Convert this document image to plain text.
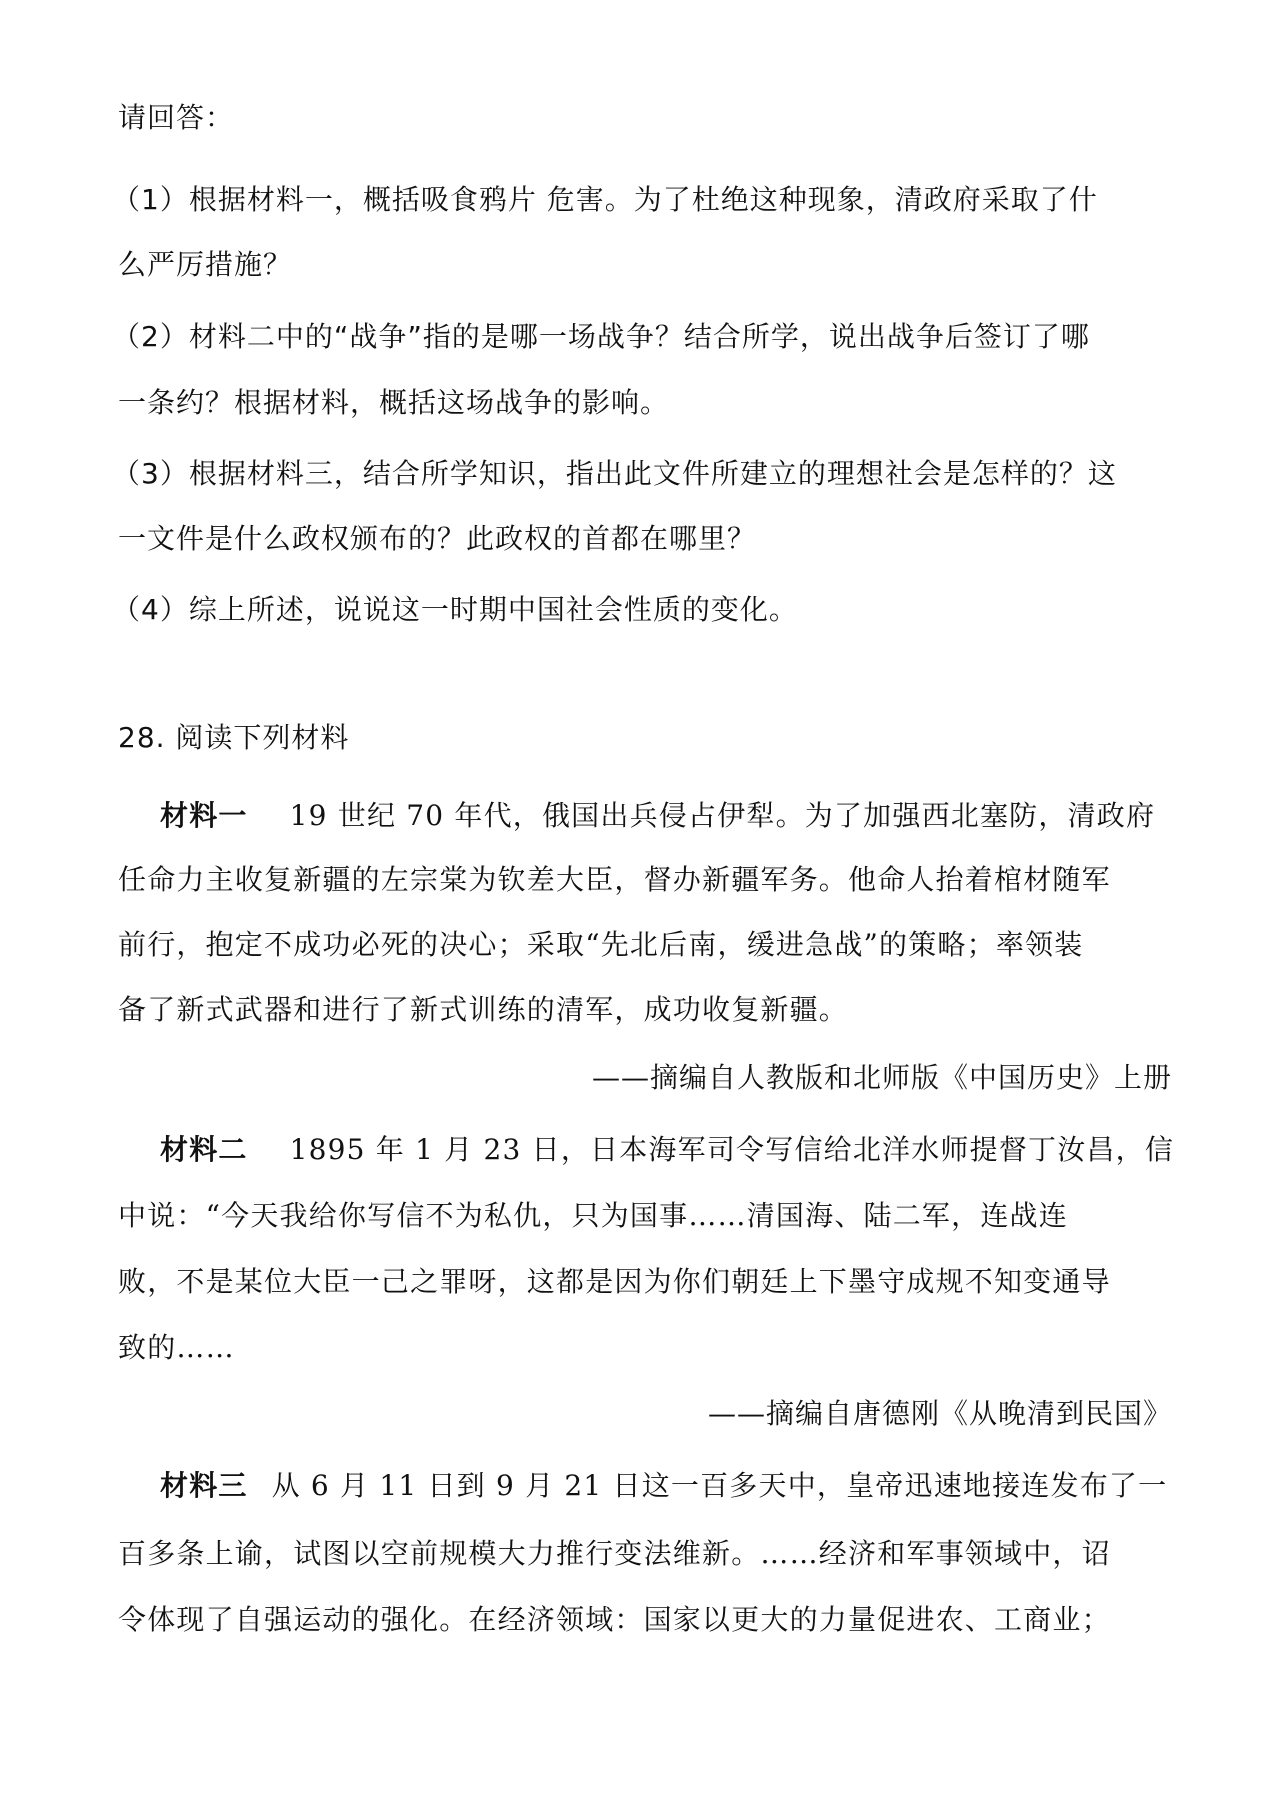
请回答：
（1）根据材料一，概括吸食鸦片 危害。为了杜绝这种现象，清政府采取了什
么严厉措施？
（2）材料二中的“战争”指的是哪一场战争？结合所学，说出战争后签订了哪
一条约？根据材料，概括这场战争的影响。
（3）根据材料三，结合所学知识，指出此文件所建立的理想社会是怎样的？这
一文件是什么政权颁布的？此政权的首都在哪里？
（4）综上所述，说说这一时期中国社会性质的变化。
28. 阅读下列材料
材料一 19 世纪 70 年代，俄国出兵侵占伊犁。为了加强西北塞防，清政府
任命力主收复新疆的左宗棠为钦差大臣，督办新疆军务。他命人抬着棺材随军
前行，抱定不成功必死的决心；采取“先北后南，缓进急战”的策略；率领装
备了新式武器和进行了新式训练的清军，成功收复新疆。
——摘编自人教版和北师版《中国历史》上册
材料二 1895 年 1 月 23 日，日本海军司令写信给北洋水师提督丁汝昌，信
中说：“今天我给你写信不为私仇，只为国事……清国海、陆二军，连战连
败，不是某位大臣一己之罪呀，这都是因为你们朝廷上下墨守成规不知变通导
致的……
——摘编自唐德刚《从晚清到民国》
材料三 从 6 月 11 日到 9 月 21 日这一百多天中，皇帝迅速地接连发布了一
百多条上谕，试图以空前规模大力推行变法维新。……经济和军事领域中，诏
令体现了自强运动的强化。在经济领域：国家以更大的力量促进农、工商业；
